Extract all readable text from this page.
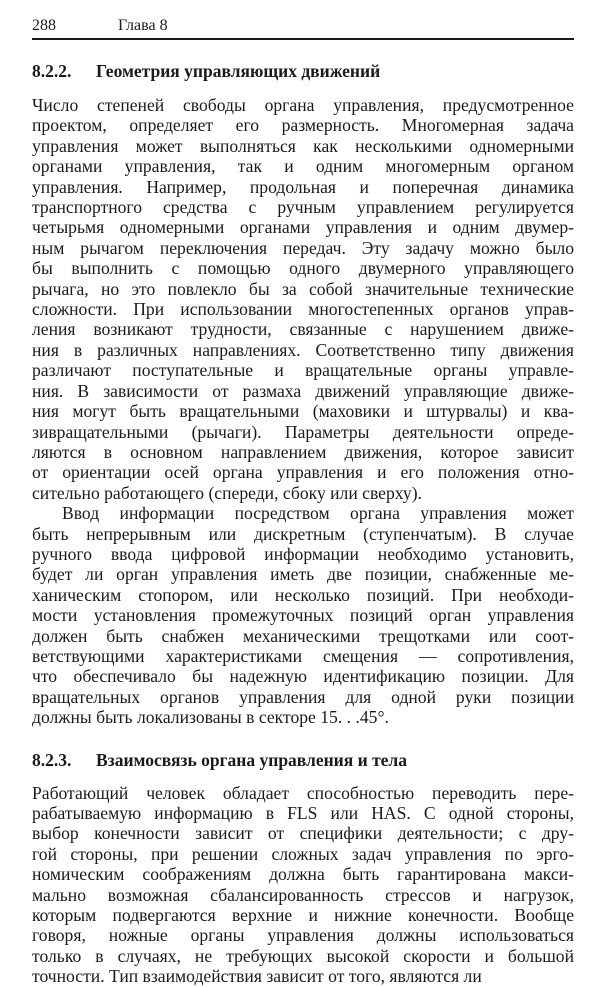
288	Глава 8
8.2.2. Геометрия управляющих движений

Число степеней свободы органа управления, предусмотренное
проектом, определяет его размерность. Многомерная задача
управления может выполняться как несколькими одномерными
органами управления, так и одним многомерным органом
управления. Например, продольная и поперечная динамика
транспортного средства с ручным управлением регулируется
четырьмя одномерными органами управления и одним двумер-
ным рычагом переключения передач. Эту задачу можно было
бы выполнить с помощью одного двумерного управляющего
рычага, но это повлекло бы за собой значительные технические
сложности. При использовании многостепенных органов управ-
ления возникают трудности, связанные с нарушением движе-
ния в различных направлениях. Соответственно типу движения
различают поступательные и вращательные органы управле-
ния. В зависимости от размаха движений управляющие движе-
ния могут быть вращательными (маховики и штурвалы) и ква-
зивращательными (рычаги). Параметры деятельности опреде-
ляются в основном направлением движения, которое зависит
от ориентации осей органа управления и его положения отно-
сительно работающего (спереди, сбоку или сверху).

Ввод информации посредством органа управления может
быть непрерывным или дискретным (ступенчатым). В случае
ручного ввода цифровой информации необходимо установить,
будет ли орган управления иметь две позиции, снабженные ме-
ханическим стопором, или несколько позиций. При необходи-
мости установления промежуточных позиций орган управления
должен быть снабжен механическими трещотками или соот-
ветствующими характеристиками смещения — сопротивления,
что обеспечивало бы надежную идентификацию позиции. Для
вращательных органов управления для одной руки позиции
должны быть локализованы в секторе 15. . .45°.

8.2.3. Взаимосвязь органа управления и тела

Работающий человек обладает способностью переводить пере-
рабатываемую информацию в FLS или HAS. С одной стороны,
выбор конечности зависит от специфики деятельности; с дру-
гой стороны, при решении сложных задач управления по эрго-
номическим соображениям должна быть гарантирована макси-
мально возможная сбалансированность стрессов и нагрузок,
которым подвергаются верхние и нижние конечности. Вообще
говоря, ножные органы управления должны использоваться
только в случаях, не требующих высокой скорости и большой
точности. Тип взаимодействия зависит от того, являются ли
